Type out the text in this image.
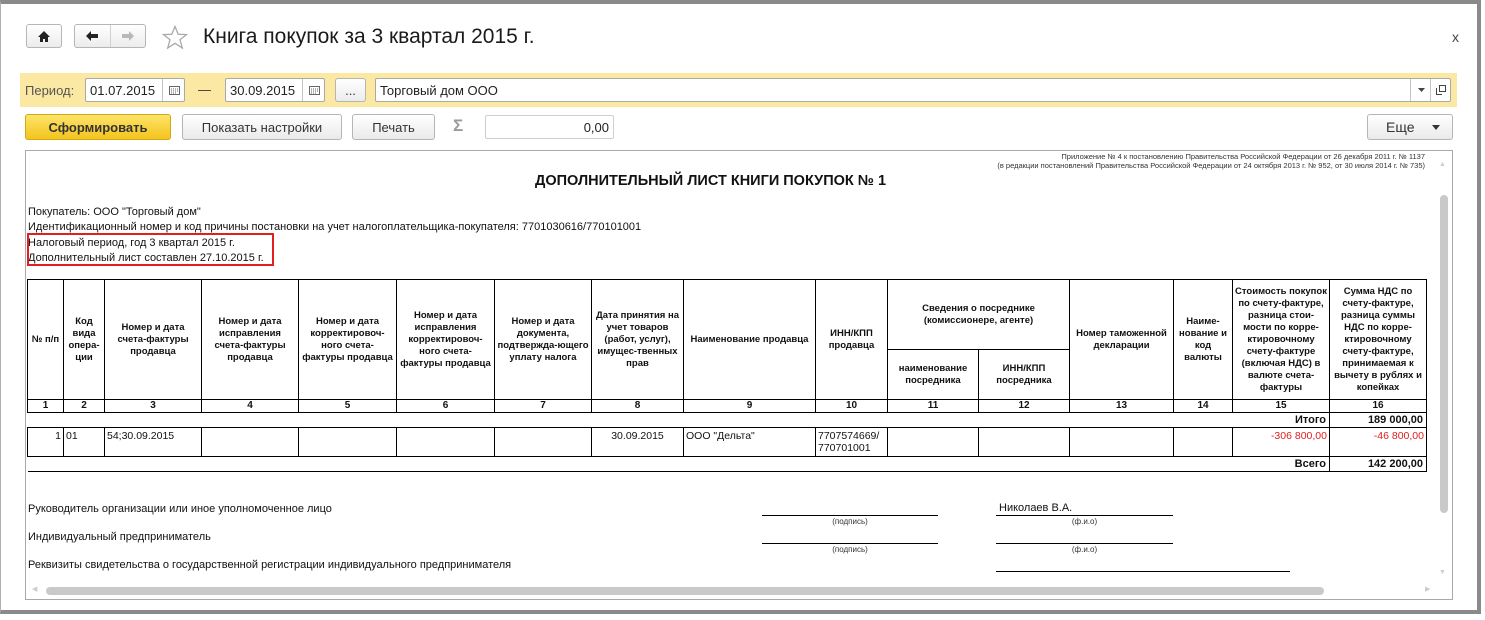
Книга покупок за 3 квартал 2015 г.	x
Период: 01.07.2015	— 30.09.2015	...	Торговый дом ООО
Сформировать	Показать настройки	Печать	Σ	0,00	Еще
Приложение № 4 к постановлению Правительства Российской Федерации от 26 декабря 2011 г. № 1137
(в редакции постановлений Правительства Российской Федерации от 24 октября 2013 г. № 952, от 30 июля 2014 г. № 735)
ДОПОЛНИТЕЛЬНЫЙ ЛИСТ КНИГИ ПОКУПОК № 1
Покупатель: ООО "Торговый дом"
Идентификационный номер и код причины постановки на учет налогоплательщика-покупателя: 7701030616/770101001
Налоговый период, год 3 квартал 2015 г.
Дополнительный лист составлен 27.10.2015 г.
№ п/п	Код вида опера-ции	Номер и дата счета-фактуры продавца	Номер и дата исправления счета-фактуры продавца	Номер и дата корректировоч-ного счета-фактуры продавца	Номер и дата исправления корректировоч-ного счета-фактуры продавца	Номер и дата документа, подтвержда-ющего уплату налога	Дата принятия на учет товаров (работ, услуг), имущес-твенных прав	Наименование продавца	ИНН/КПП продавца	Сведения о посреднике (комиссионере, агенте)		Номер таможенной декларации	Наиме-нование и код валюты	Стоимость покупок по счету-фактуре, разница стои-мости по корре-ктировочному счету-фактуре (включая НДС) в валюте счета-фактуры	Сумма НДС по счету-фактуре, разница суммы НДС по корре-ктировочному счету-фактуре, принимаемая к вычету в рублях и копейках
										наименование посредника	ИНН/КПП посредника				
1	2	3	4	5	6	7	8	9	10	11	12	13	14	15	16
Итого															189 000,00
1	01	54;30.09.2015					30.09.2015	ООО "Дельта"	7707574669/ 770701001					-306 800,00	-46 800,00
Всего															142 200,00
Руководитель организации или иное уполномоченное лицо
(подпись)
Николаев В.А.
(ф.и.о)
Индивидуальный предприниматель
(подпись)	(ф.и.о)
Реквизиты свидетельства о государственной регистрации индивидуального предпринимателя
▲
▼
◀	▶
